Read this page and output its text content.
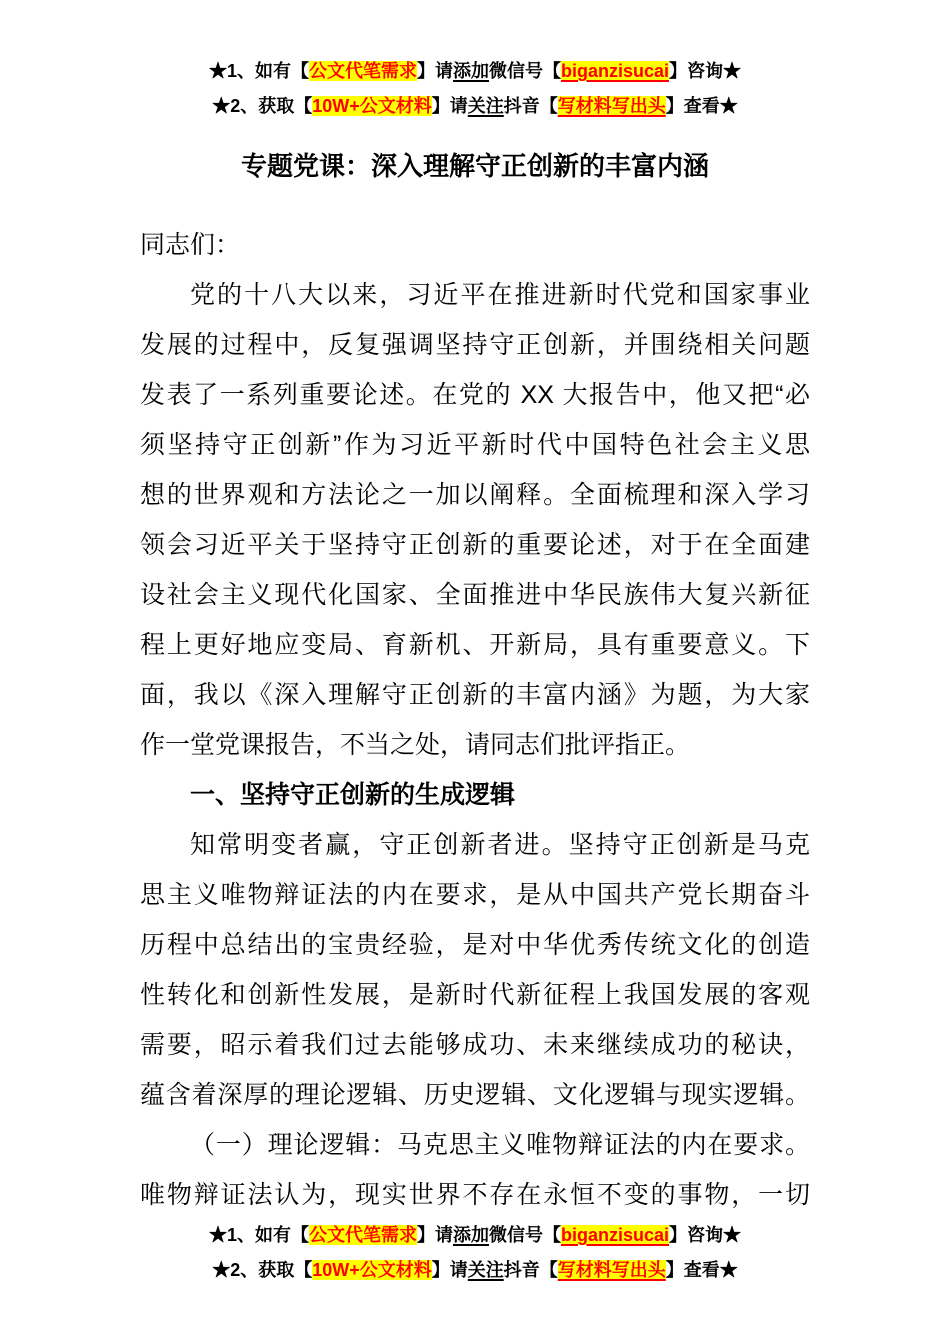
★1、如有【公文代笔需求】请添加微信号【biganzisucai】咨询★
★2、获取【10W+公文材料】请关注抖音【写材料写出头】查看★
专题党课：深入理解守正创新的丰富内涵
同志们：
党的十八大以来，习近平在推进新时代党和国家事业
发展的过程中，反复强调坚持守正创新，并围绕相关问题
发表了一系列重要论述。在党的 XX 大报告中，他又把“必
须坚持守正创新”作为习近平新时代中国特色社会主义思
想的世界观和方法论之一加以阐释。全面梳理和深入学习
领会习近平关于坚持守正创新的重要论述，对于在全面建
设社会主义现代化国家、全面推进中华民族伟大复兴新征
程上更好地应变局、育新机、开新局，具有重要意义。下
面，我以《深入理解守正创新的丰富内涵》为题，为大家
作一堂党课报告，不当之处，请同志们批评指正。
一、坚持守正创新的生成逻辑
知常明变者赢，守正创新者进。坚持守正创新是马克
思主义唯物辩证法的内在要求，是从中国共产党长期奋斗
历程中总结出的宝贵经验，是对中华优秀传统文化的创造
性转化和创新性发展，是新时代新征程上我国发展的客观
需要，昭示着我们过去能够成功、未来继续成功的秘诀，
蕴含着深厚的理论逻辑、历史逻辑、文化逻辑与现实逻辑。
（一）理论逻辑：马克思主义唯物辩证法的内在要求。
唯物辩证法认为，现实世界不存在永恒不变的事物，一切
★1、如有【公文代笔需求】请添加微信号【biganzisucai】咨询★
★2、获取【10W+公文材料】请关注抖音【写材料写出头】查看★
